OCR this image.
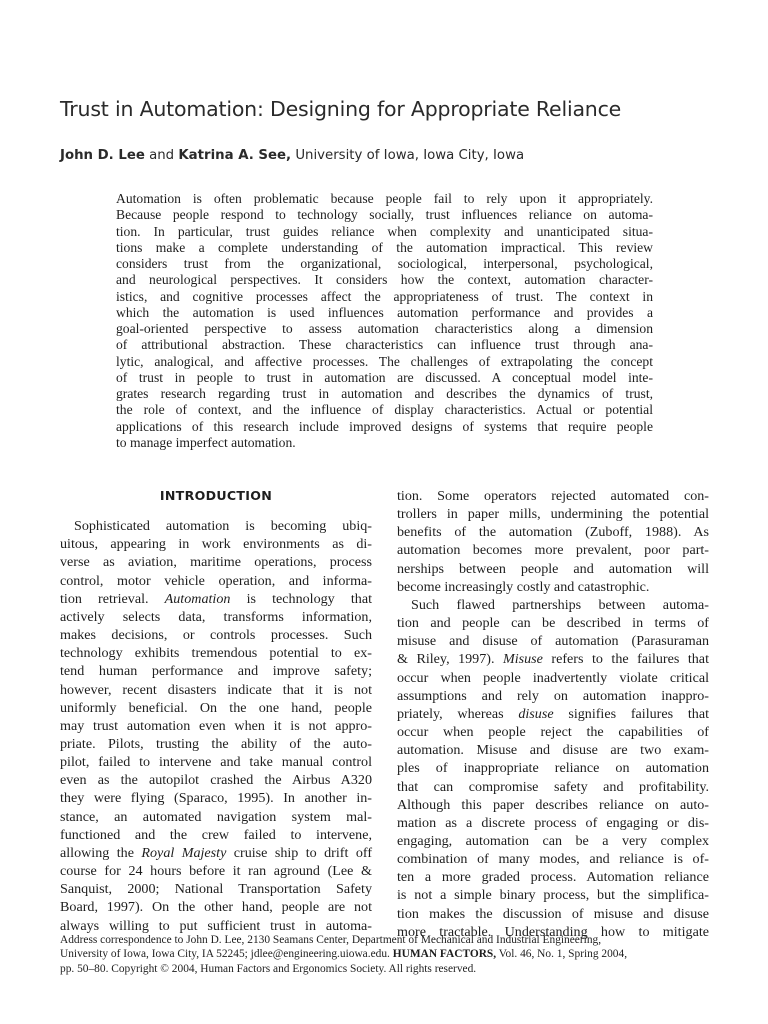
Trust in Automation: Designing for Appropriate Reliance
John D. Lee and Katrina A. See, University of Iowa, Iowa City, Iowa
Automation is often problematic because people fail to rely upon it appropriately.
Because people respond to technology socially, trust influences reliance on automa-
tion. In particular, trust guides reliance when complexity and unanticipated situa-
tions make a complete understanding of the automation impractical. This review
considers trust from the organizational, sociological, interpersonal, psychological,
and neurological perspectives. It considers how the context, automation character-
istics, and cognitive processes affect the appropriateness of trust. The context in
which the automation is used influences automation performance and provides a
goal-oriented perspective to assess automation characteristics along a dimension
of attributional abstraction. These characteristics can influence trust through ana-
lytic, analogical, and affective processes. The challenges of extrapolating the concept
of trust in people to trust in automation are discussed. A conceptual model inte-
grates research regarding trust in automation and describes the dynamics of trust,
the role of context, and the influence of display characteristics. Actual or potential
applications of this research include improved designs of systems that require people
to manage imperfect automation.
INTRODUCTION
Sophisticated automation is becoming ubiq-
uitous, appearing in work environments as di-
verse as aviation, maritime operations, process
control, motor vehicle operation, and informa-
tion retrieval. Automation is technology that
actively selects data, transforms information,
makes decisions, or controls processes. Such
technology exhibits tremendous potential to ex-
tend human performance and improve safety;
however, recent disasters indicate that it is not
uniformly beneficial. On the one hand, people
may trust automation even when it is not appro-
priate. Pilots, trusting the ability of the auto-
pilot, failed to intervene and take manual control
even as the autopilot crashed the Airbus A320
they were flying (Sparaco, 1995). In another in-
stance, an automated navigation system mal-
functioned and the crew failed to intervene,
allowing the Royal Majesty cruise ship to drift off
course for 24 hours before it ran aground (Lee &
Sanquist, 2000; National Transportation Safety
Board, 1997). On the other hand, people are not
always willing to put sufficient trust in automa-
tion. Some operators rejected automated con-
trollers in paper mills, undermining the potential
benefits of the automation (Zuboff, 1988). As
automation becomes more prevalent, poor part-
nerships between people and automation will
become increasingly costly and catastrophic.
Such flawed partnerships between automa-
tion and people can be described in terms of
misuse and disuse of automation (Parasuraman
& Riley, 1997). Misuse refers to the failures that
occur when people inadvertently violate critical
assumptions and rely on automation inappro-
priately, whereas disuse signifies failures that
occur when people reject the capabilities of
automation. Misuse and disuse are two exam-
ples of inappropriate reliance on automation
that can compromise safety and profitability.
Although this paper describes reliance on auto-
mation as a discrete process of engaging or dis-
engaging, automation can be a very complex
combination of many modes, and reliance is of-
ten a more graded process. Automation reliance
is not a simple binary process, but the simplifica-
tion makes the discussion of misuse and disuse
more tractable. Understanding how to mitigate
Address correspondence to John D. Lee, 2130 Seamans Center, Department of Mechanical and Industrial Engineering,
University of Iowa, Iowa City, IA 52245; jdlee@engineering.uiowa.edu. HUMAN FACTORS, Vol. 46, No. 1, Spring 2004,
pp. 50–80. Copyright © 2004, Human Factors and Ergonomics Society. All rights reserved.
